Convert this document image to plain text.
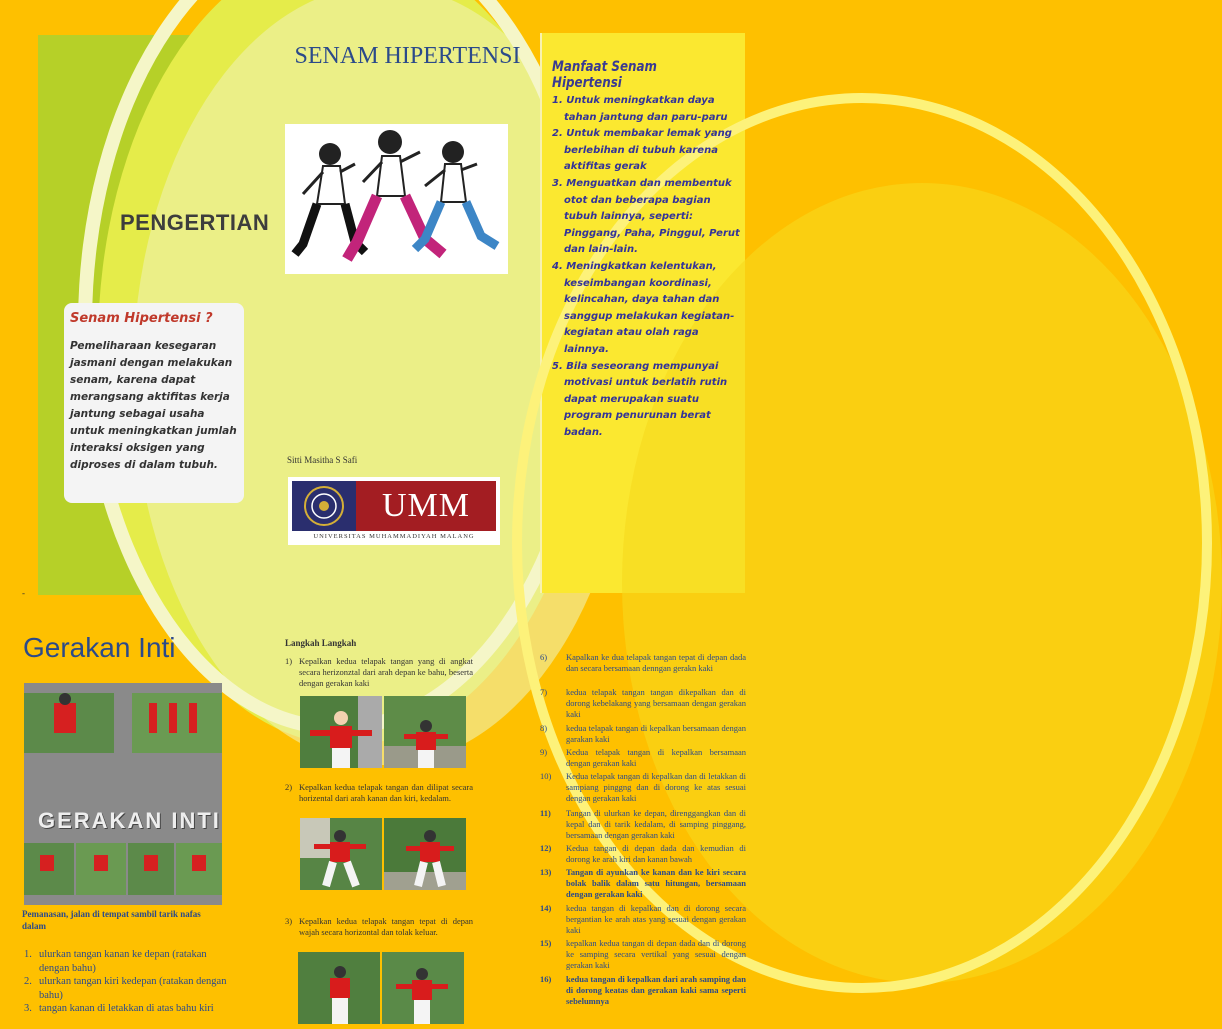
PENGERTIAN
Senam Hipertensi ?
Pemeliharaan kesegaran jasmani dengan melakukan senam, karena dapat merangsang aktifitas kerja jantung sebagai usaha untuk meningkatkan jumlah interaksi oksigen yang diproses di dalam tubuh.
SENAM HIPERTENSI
Sitti Masitha S Safi
UMM
UNIVERSITAS MUHAMMADIYAH MALANG
Manfaat Senam Hipertensi
1. Untuk meningkatkan daya tahan jantung dan paru-paru
2. Untuk membakar lemak yang berlebihan di tubuh karena aktifitas gerak
3. Menguatkan dan membentuk otot dan beberapa bagian tubuh lainnya, seperti: Pinggang, Paha, Pinggul, Perut dan lain-lain.
4. Meningkatkan kelentukan, keseimbangan koordinasi, kelincahan, daya tahan dan sanggup melakukan kegiatan-kegiatan atau olah raga lainnya.
5. Bila seseorang mempunyai motivasi untuk berlatih rutin dapat merupakan suatu program penurunan berat badan.
-
Gerakan Inti
GERAKAN INTI
Pemanasan, jalan di tempat sambil tarik nafas dalam
1. ulurkan tangan kanan ke depan (ratakan dengan bahu)
2. ulurkan tangan kiri kedepan (ratakan dengan bahu)
3. tangan kanan di letakkan di atas bahu kiri
Langkah Langkah
1) Kepalkan kedua telapak tangan yang di angkat secara herizonztal dari arah depan ke bahu, beserta dengan gerakan kaki
2) Kepalkan kedua telapak tangan dan dilipat secara horizental dari arah kanan dan kiri, kedalam.
3) Kepalkan kedua telapak tangan tepat di depan wajah secara horizontal dan tolak keluar.
6)	Kapalkan ke dua telapak tangan tepat di depan dada dan secara bersamaan denngan gerakn kaki
7)	kedua telapak tangan tangan dikepalkan dan di dorong kebelakang yang bersamaan dengan gerakan kaki
8)	kedua telapak tangan di kepalkan bersamaan dengan garakan kaki
9)	Kedua telapak tangan di kepalkan bersamaan dengan gerakan kaki
10)	Kedua telapak tangan di kepalkan dan di letakkan di sampiang pinggng dan di dorong ke atas sesuai dengan gerakan kaki
11)	Tangan di ulurkan ke depan, direnggangkan dan di kepal dan di tarik kedalam, di samping pinggang, bersamaan dengan gerakan kaki
12)	Kedua tangan di depan dada dan kemudian di dorong ke arah kiri dan kanan bawah
13)	Tangan di ayunkan ke kanan dan ke kiri secara bolak balik dalam satu hitungan, bersamaan dengan gerakan kaki
14)	kedua tangan di kepalkan dan di dorong secara bergantian ke arah atas yang sesuai dengan gerakan kaki
15)	kepalkan kedua tangan di depan dada dan di dorong ke samping secara vertikal yang sesuai dengan gerakan kaki
16)	kedua tangan di kepalkan dari arah samping dan di dorong keatas dan gerakan kaki sama seperti sebelumnya
